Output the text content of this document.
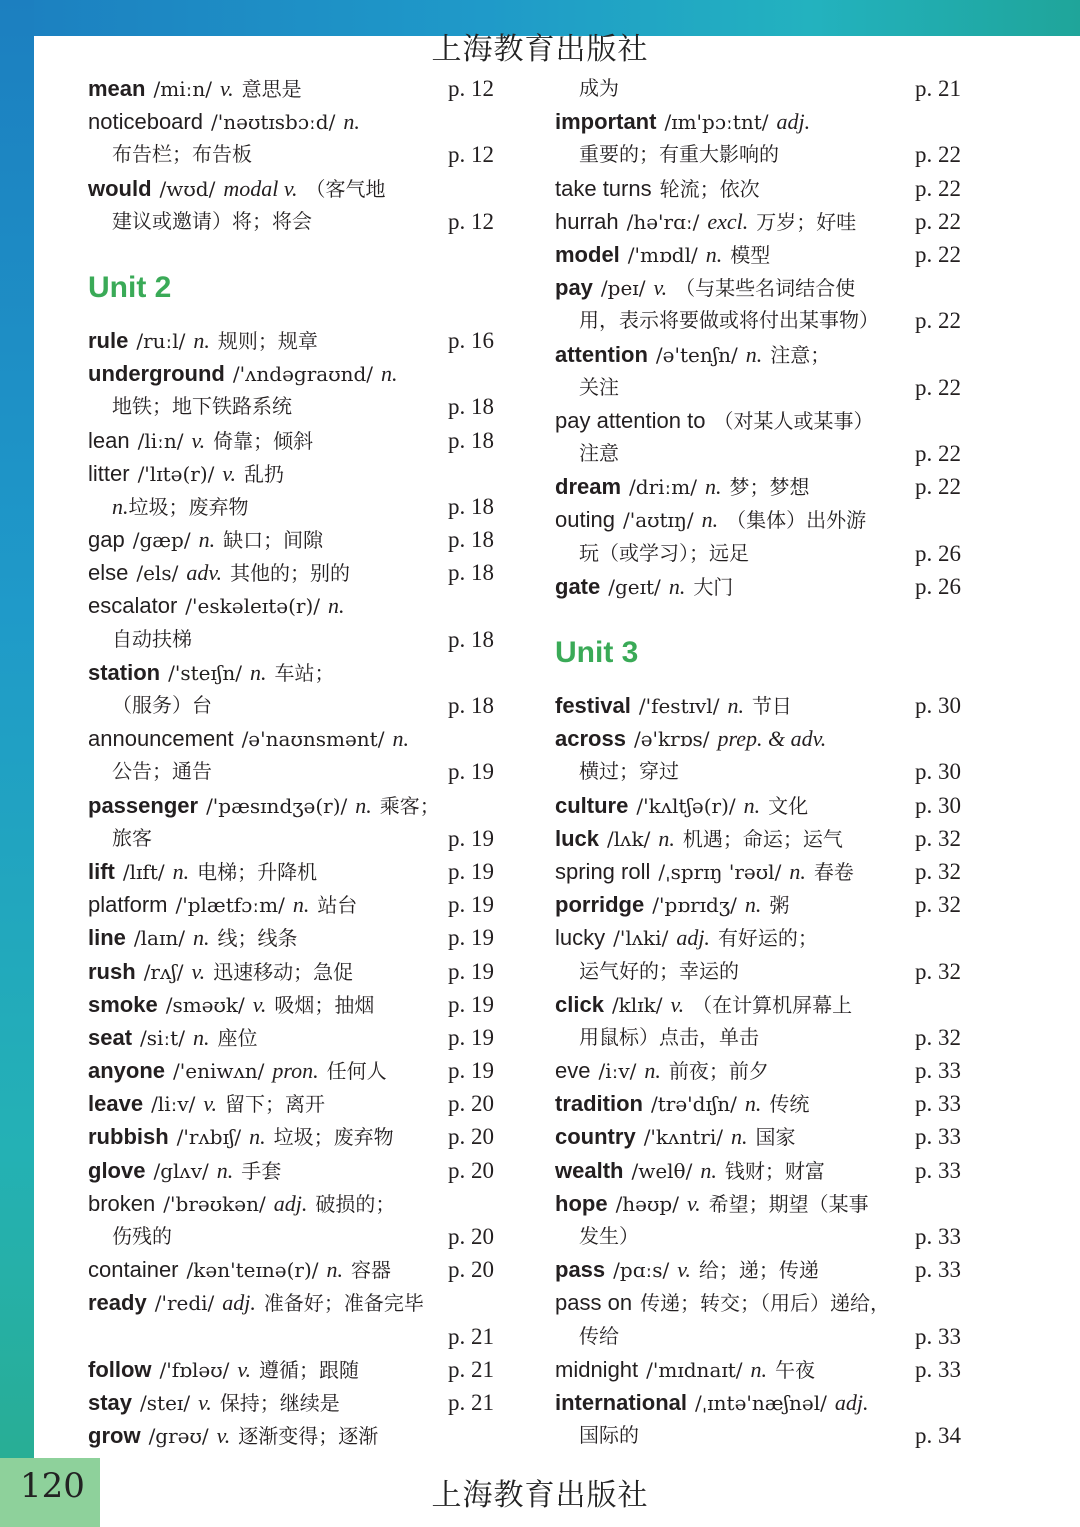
上海教育出版社
mean /miːn/ v. 意思是	p. 12
noticeboard /'nəʊtɪsbɔːd/ n.
布告栏；布告板	p. 12
would /wʊd/ modal v. （客气地
建议或邀请）将；将会	p. 12
Unit 2
rule /ruːl/ n. 规则；规章	p. 16
underground /'ʌndəgraʊnd/ n.
地铁；地下铁路系统	p. 18
lean /liːn/ v. 倚靠；倾斜	p. 18
litter /'lɪtə(r)/ v. 乱扔
n.垃圾；废弃物	p. 18
gap /gæp/ n. 缺口；间隙	p. 18
else /els/ adv. 其他的；别的	p. 18
escalator /'eskəleɪtə(r)/ n.
自动扶梯	p. 18
station /'steɪʃn/ n. 车站；
（服务）台	p. 18
announcement /ə'naʊnsmənt/ n.
公告；通告	p. 19
passenger /'pæsɪndʒə(r)/ n. 乘客；
旅客	p. 19
lift /lɪft/ n. 电梯；升降机	p. 19
platform /'plætfɔːm/ n. 站台	p. 19
line /laɪn/ n. 线；线条	p. 19
rush /rʌʃ/ v. 迅速移动；急促	p. 19
smoke /sməʊk/ v. 吸烟；抽烟	p. 19
seat /siːt/ n. 座位	p. 19
anyone /'eniwʌn/ pron. 任何人	p. 19
leave /liːv/ v. 留下；离开	p. 20
rubbish /'rʌbɪʃ/ n. 垃圾；废弃物 p. 20
glove /glʌv/ n. 手套	p. 20
broken /'brəʊkən/ adj. 破损的；
伤残的	p. 20
container /kən'teɪnə(r)/ n. 容器 p. 20
ready /'redi/ adj. 准备好；准备完毕
p. 21
follow /'fɒləʊ/ v. 遵循；跟随	p. 21
stay /steɪ/ v. 保持；继续是	p. 21
grow /grəʊ/ v. 逐渐变得；逐渐
成为	p. 21
important /ɪm'pɔːtnt/ adj.
重要的；有重大影响的	p. 22
take turns 轮流；依次	p. 22
hurrah /hə'rɑː/ excl. 万岁；好哇	p. 22
model /'mɒdl/ n. 模型	p. 22
pay /peɪ/ v. （与某些名词结合使
用，表示将要做或将付出某事物） p. 22
attention /ə'tenʃn/ n. 注意；
关注	p. 22
pay attention to （对某人或某事）
注意	p. 22
dream /driːm/ n. 梦；梦想	p. 22
outing /'aʊtɪŋ/ n. （集体）出外游
玩（或学习）；远足	p. 26
gate /geɪt/ n. 大门	p. 26
Unit 3
festival /'festɪvl/ n. 节日	p. 30
across /ə'krɒs/ prep. & adv.
横过；穿过	p. 30
culture /'kʌltʃə(r)/ n. 文化	p. 30
luck /lʌk/ n. 机遇；命运；运气	p. 32
spring roll /ˌsprɪŋ 'rəʊl/ n. 春卷	p. 32
porridge /'pɒrɪdʒ/ n. 粥	p. 32
lucky /'lʌki/ adj. 有好运的；
运气好的；幸运的	p. 32
click /klɪk/ v. （在计算机屏幕上
用鼠标）点击，单击	p. 32
eve /iːv/ n. 前夜；前夕	p. 33
tradition /trə'dɪʃn/ n. 传统	p. 33
country /'kʌntri/ n. 国家	p. 33
wealth /welθ/ n. 钱财；财富	p. 33
hope /həʊp/ v. 希望；期望（某事
发生）	p. 33
pass /pɑːs/ v. 给；递；传递	p. 33
pass on 传递；转交；（用后）递给，
传给	p. 33
midnight /'mɪdnaɪt/ n. 午夜	p. 33
international /ˌɪntə'næʃnəl/ adj.
国际的	p. 34
120	上海教育出版社
